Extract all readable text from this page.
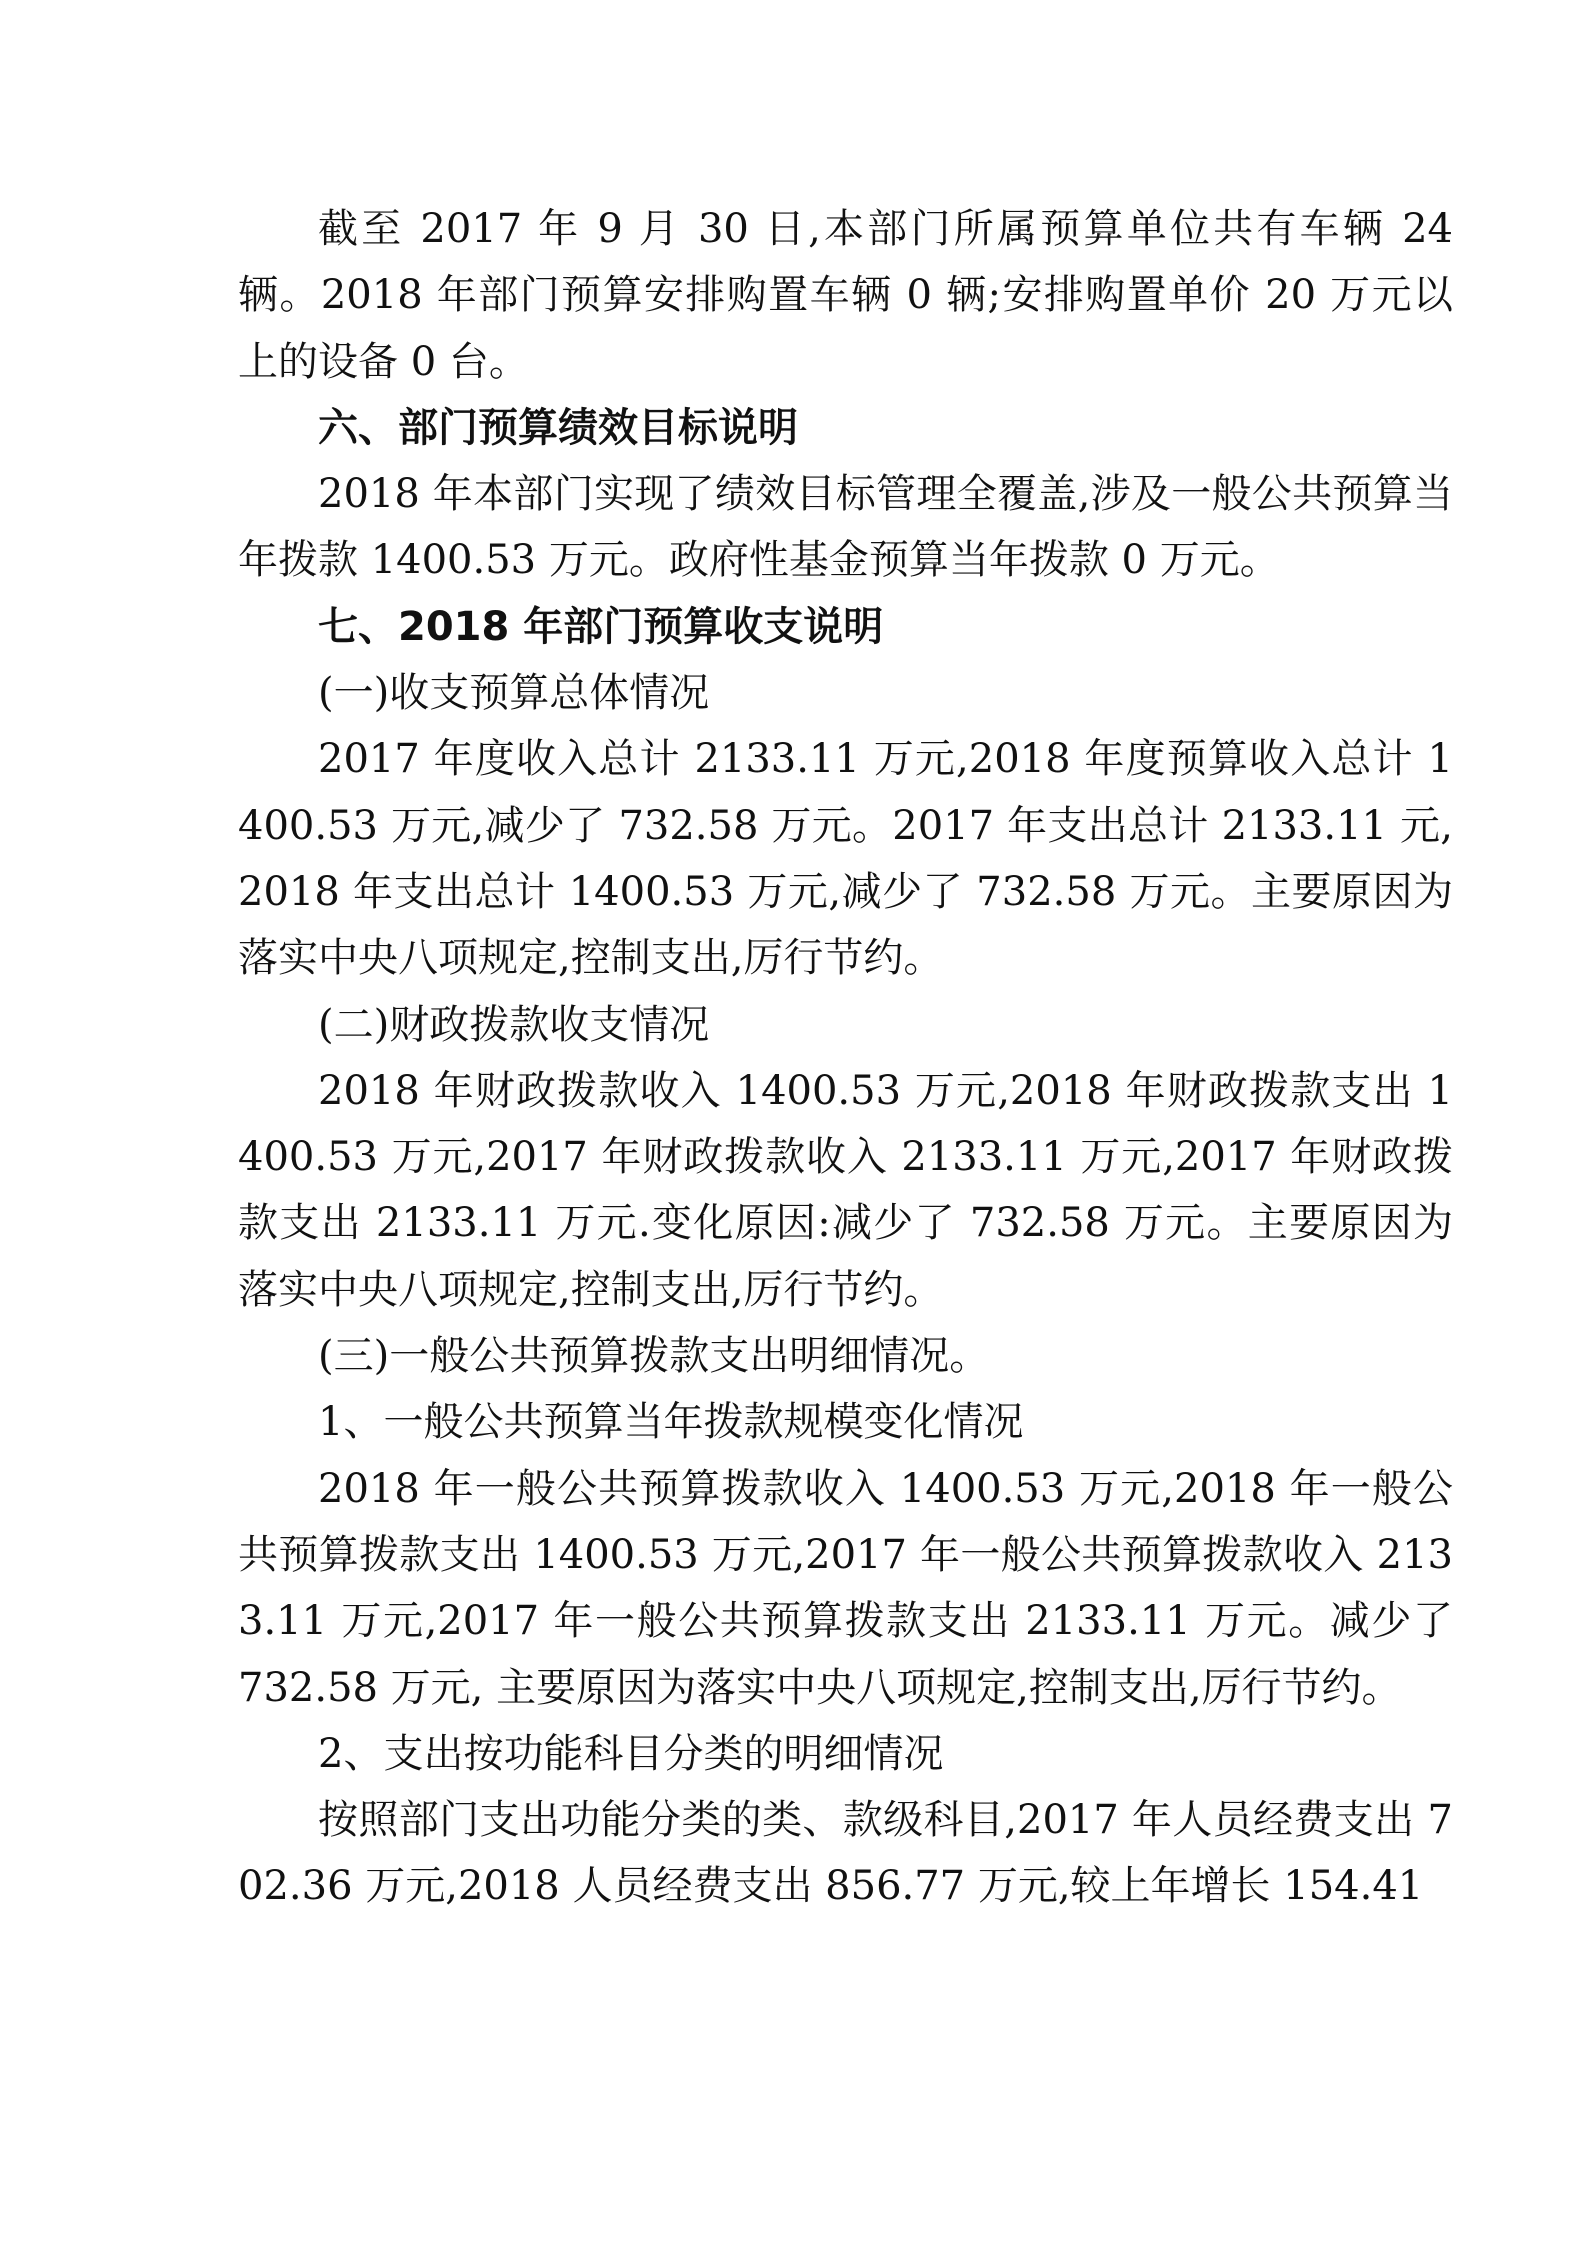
截至 2017 年 9 月 30 日,本部门所属预算单位共有车辆 24 辆。2018 年部门预算安排购置车辆 0 辆;安排购置单价 20 万元以上的设备 0 台。

六、部门预算绩效目标说明

2018 年本部门实现了绩效目标管理全覆盖,涉及一般公共预算当年拨款 1400.53 万元。政府性基金预算当年拨款 0 万元。

七、2018 年部门预算收支说明

(一)收支预算总体情况

2017 年度收入总计 2133.11 万元,2018 年度预算收入总计 1400.53 万元,减少了 732.58 万元。2017 年支出总计 2133.11 元,2018 年支出总计 1400.53 万元,减少了 732.58 万元。主要原因为落实中央八项规定,控制支出,厉行节约。

(二)财政拨款收支情况

2018 年财政拨款收入 1400.53 万元,2018 年财政拨款支出 1400.53 万元,2017 年财政拨款收入 2133.11 万元,2017 年财政拨款支出 2133.11 万元.变化原因:减少了 732.58 万元。主要原因为落实中央八项规定,控制支出,厉行节约。

(三)一般公共预算拨款支出明细情况。

1、一般公共预算当年拨款规模变化情况

2018 年一般公共预算拨款收入 1400.53 万元,2018 年一般公共预算拨款支出 1400.53 万元,2017 年一般公共预算拨款收入 2133.11 万元,2017 年一般公共预算拨款支出 2133.11 万元。减少了 732.58 万元, 主要原因为落实中央八项规定,控制支出,厉行节约。

2、支出按功能科目分类的明细情况

按照部门支出功能分类的类、款级科目,2017 年人员经费支出 702.36 万元,2018 人员经费支出 856.77 万元,较上年增长 154.41
